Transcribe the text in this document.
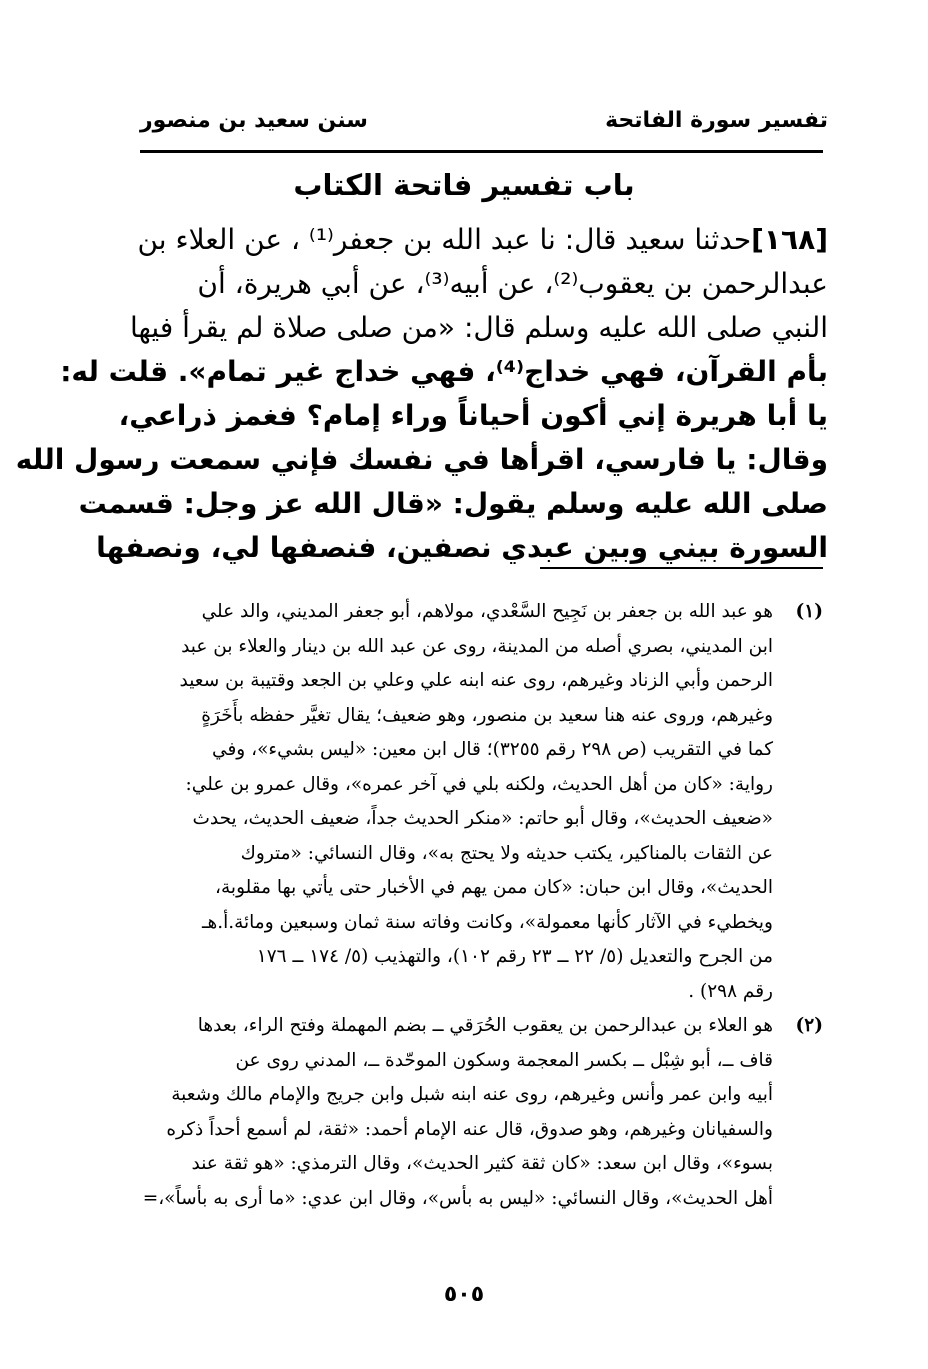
تفسير سورة الفاتحة
سنن سعيد بن منصور
باب تفسير فاتحة الكتاب
[١٦٨]حدثنا سعيد قال: نا عبد الله بن جعفر⁽¹⁾ ، عن العلاء بن
عبدالرحمن بن يعقوب⁽²⁾، عن أبيه⁽³⁾، عن أبي هريرة، أن
النبي صلى الله عليه وسلم قال: «من صلى صلاة لم يقرأ فيها
بأم القرآن، فهي خداج⁽⁴⁾، فهي خداج غير تمام». قلت له:
يا أبا هريرة إني أكون أحياناً وراء إمام؟ فغمز ذراعي،
وقال: يا فارسي، اقرأها في نفسك فإني سمعت رسول الله
صلى الله عليه وسلم يقول: «قال الله عز وجل: قسمت
السورة بيني وبين عبدي نصفين، فنصفها لي، ونصفها
(١)
هو عبد الله بن جعفر بن نَجِيح السَّعْدي، مولاهم، أبو جعفر المديني، والد علي
ابن المديني، بصري أصله من المدينة، روى عن عبد الله بن دينار والعلاء بن عبد
الرحمن وأبي الزناد وغيرهم، روى عنه ابنه علي وعلي بن الجعد وقتيبة بن سعيد
وغيرهم، وروى عنه هنا سعيد بن منصور، وهو ضعيف؛ يقال تغيَّر حفظه بأَخَرَةٍ
كما في التقريب (ص ٢٩٨ رقم ٣٢٥٥)؛ قال ابن معين: «ليس بشيء»، وفي
رواية: «كان من أهل الحديث، ولكنه بلي في آخر عمره»، وقال عمرو بن علي:
«ضعيف الحديث»، وقال أبو حاتم: «منكر الحديث جداً، ضعيف الحديث، يحدث
عن الثقات بالمناكير، يكتب حديثه ولا يحتج به»، وقال النسائي: «متروك
الحديث»، وقال ابن حبان: «كان ممن يهم في الأخبار حتى يأتي بها مقلوبة،
ويخطيء في الآثار كأنها معمولة»، وكانت وفاته سنة ثمان وسبعين ومائة.أ.هـ
من الجرح والتعديل (٥/ ٢٢ ــ ٢٣ رقم ١٠٢)، والتهذيب (٥/ ١٧٤ ــ ١٧٦
رقم ٢٩٨) .
(٢)
هو العلاء بن عبدالرحمن بن يعقوب الحُرَقي ــ بضم المهملة وفتح الراء، بعدها
قاف ــ، أبو شِبْل ــ بكسر المعجمة وسكون الموحّدة ــ، المدني روى عن
أبيه وابن عمر وأنس وغيرهم، روى عنه ابنه شبل وابن جريج والإمام مالك وشعبة
والسفيانان وغيرهم، وهو صدوق، قال عنه الإمام أحمد: «ثقة، لم أسمع أحداً ذكره
بسوء»، وقال ابن سعد: «كان ثقة كثير الحديث»، وقال الترمذي: «هو ثقة عند
أهل الحديث»، وقال النسائي: «ليس به بأس»، وقال ابن عدي: «ما أرى به بأساً»،=
٥٠٥
